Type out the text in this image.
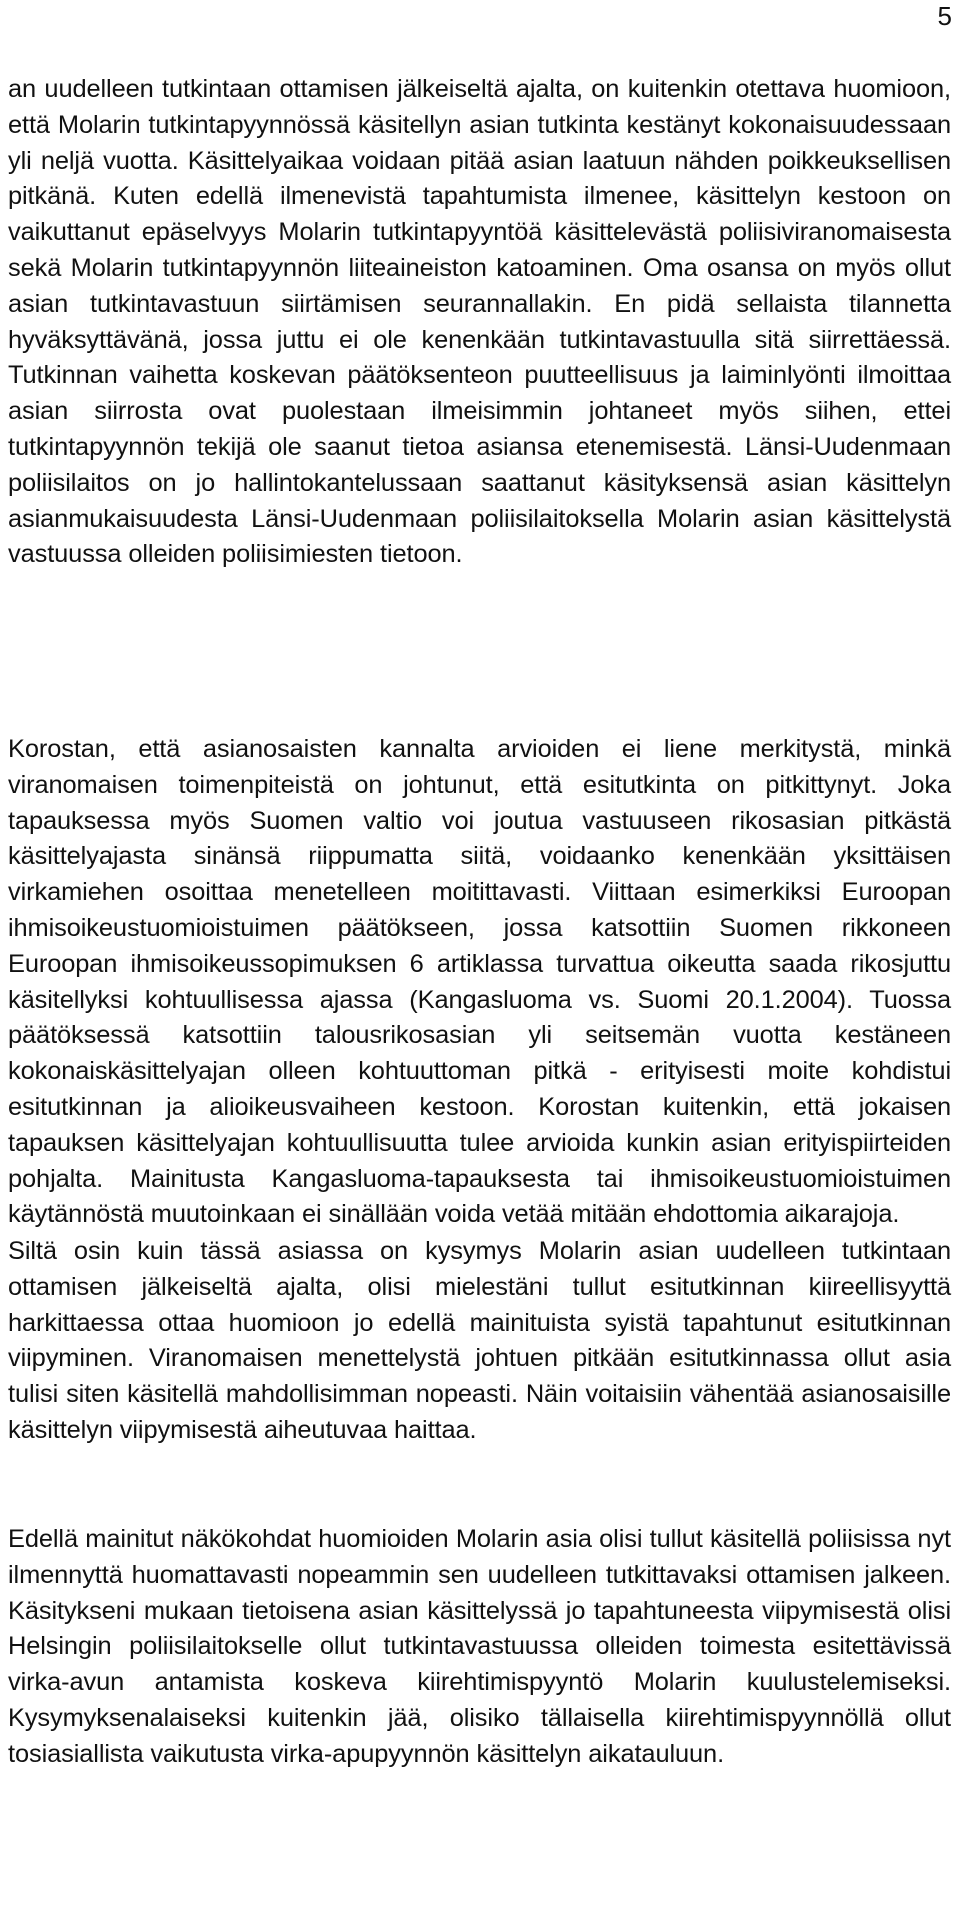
5

an uudelleen tutkintaan ottamisen jälkeiseltä ajalta, on kuitenkin otettava huomioon, että Molarin tutkintapyynnössä käsitellyn asian tutkinta kestänyt kokonaisuudessaan yli neljä vuotta. Käsittelyaikaa voidaan pitää asian laatuun nähden poikkeuksellisen pitkänä. Kuten edellä ilmenevistä tapahtumista ilmenee, käsittelyn kestoon on vaikuttanut epäselvyys Molarin tutkintapyyntöä käsittelevästä poliisiviranomaisesta sekä Molarin tutkintapyynnön liiteaineiston katoaminen. Oma osansa on myös ollut asian tutkintavastuun siirtämisen seurannallakin. En pidä sellaista tilannetta hyväksyttävänä, jossa juttu ei ole kenenkään tutkintavastuulla sitä siirrettäessä. Tutkinnan vaihetta koskevan päätöksenteon puutteellisuus ja laiminlyönti ilmoittaa asian siirrosta ovat puolestaan ilmeisimmin johtaneet myös siihen, ettei tutkintapyynnön tekijä ole saanut tietoa asiansa etenemisestä. Länsi-Uudenmaan poliisilaitos on jo hallintokantelussaan saattanut käsityksensä asian käsittelyn asianmukaisuudesta Länsi-Uudenmaan poliisilaitoksella Molarin asian käsittelystä vastuussa olleiden poliisimiesten tietoon.

Korostan, että asianosaisten kannalta arvioiden ei liene merkitystä, minkä viranomaisen toimenpiteistä on johtunut, että esitutkinta on pitkittynyt. Joka tapauksessa myös Suomen valtio voi joutua vastuuseen rikosasian pitkästä käsittelyajasta sinänsä riippumatta siitä, voidaanko kenenkään yksittäisen virkamiehen osoittaa menetelleen moitittavasti. Viittaan esimerkiksi Euroopan ihmisoikeustuomioistuimen päätökseen, jossa katsottiin Suomen rikkoneen Euroopan ihmisoikeussopimuksen 6 artiklassa turvattua oikeutta saada rikosjuttu käsitellyksi kohtuullisessa ajassa (Kangasluoma vs. Suomi 20.1.2004). Tuossa päätöksessä katsottiin talousrikosasian yli seitsemän vuotta kestäneen kokonaiskäsittelyajan olleen kohtuuttoman pitkä - erityisesti moite kohdistui esitutkinnan ja alioikeusvaiheen kestoon. Korostan kuitenkin, että jokaisen tapauksen käsittelyajan kohtuullisuutta tulee arvioida kunkin asian erityispiirteiden pohjalta. Mainitusta Kangasluoma-tapauksesta tai ihmisoikeustuomioistuimen käytännöstä muutoinkaan ei sinällään voida vetää mitään ehdottomia aikarajoja.

Siltä osin kuin tässä asiassa on kysymys Molarin asian uudelleen tutkintaan ottamisen jälkeiseltä ajalta, olisi mielestäni tullut esitutkinnan kiireellisyyttä harkittaessa ottaa huomioon jo edellä mainituista syistä tapahtunut esitutkinnan viipyminen. Viranomaisen menettelystä johtuen pitkään esitutkinnassa ollut asia tulisi siten käsitellä mahdollisimman nopeasti. Näin voitaisiin vähentää asianosaisille käsittelyn viipymisestä aiheutuvaa haittaa.

Edellä mainitut näkökohdat huomioiden Molarin asia olisi tullut käsitellä poliisissa nyt ilmennyttä huomattavasti nopeammin sen uudelleen tutkittavaksi ottamisen jalkeen. Käsitykseni mukaan tietoisena asian käsittelyssä jo tapahtuneesta viipymisestä olisi Helsingin poliisilaitokselle ollut tutkintavastuussa olleiden toimesta esitettävissä virka-avun antamista koskeva kiirehtimispyyntö Molarin kuulustelemiseksi. Kysymyksenalaiseksi kuitenkin jää, olisiko tällaisella kiirehtimispyynnöllä ollut tosiasiallista vaikutusta virka-apupyynnön käsittelyn aikatauluun.
